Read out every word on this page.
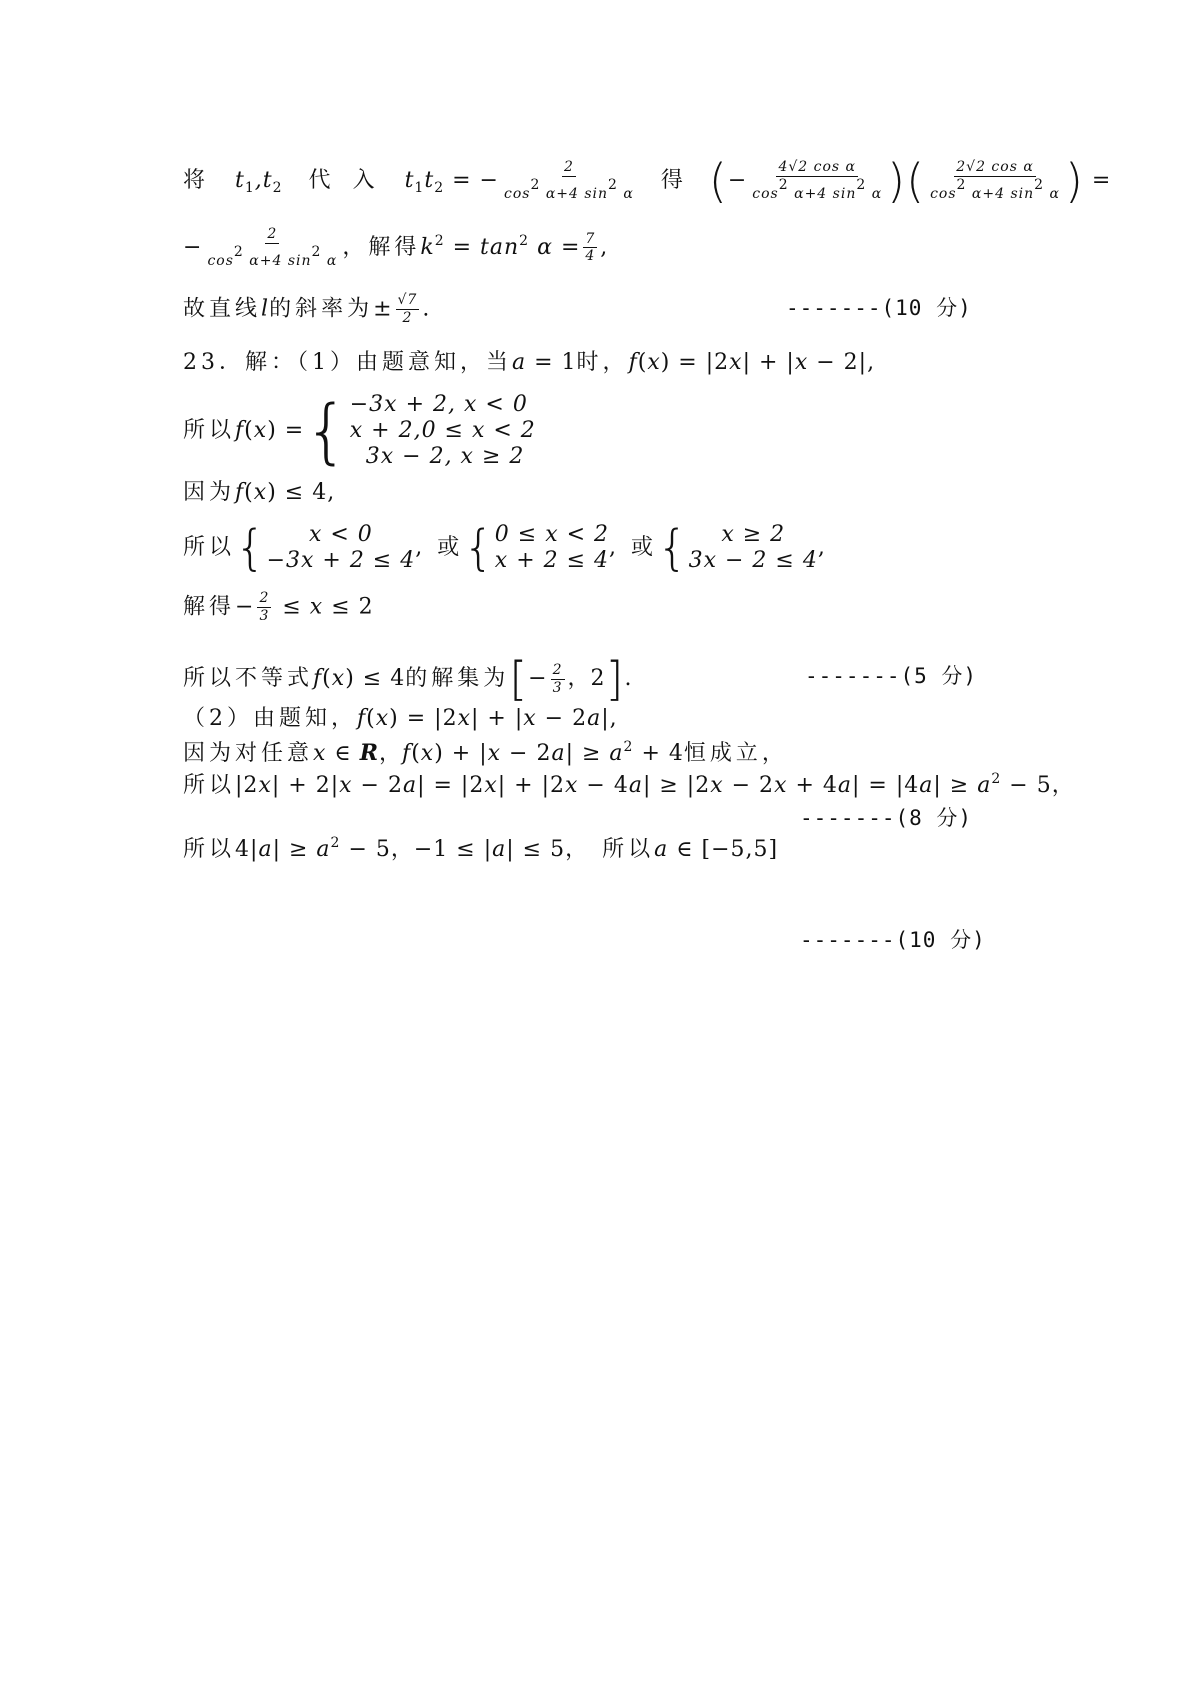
将 $t_1,t_2$ 代 入 $t_1t_2$ = − $\frac{2}{\cos 2 \alpha+4 \sin 2 \alpha}$ 得 (− $\frac{\text{4√2 cos α}}{\cos 2 \alpha+4 \sin 2 \alpha}$ )( $\frac{\text{2√2 cos α}}{\cos 2 \alpha+4 \sin 2 \alpha}$ ) =
− $\frac{2}{\cos 2 \alpha+4 \sin 2 \alpha}$ ，解得$k^2 = \tan^2 \alpha = \frac{7}{4}$ ,
故直线l的斜率为± $\frac{√7}{2}$ .	-------(10 分)
23．解：（1）由题意知，当a = 1时，f(x) = |2x| + |x − 2|,
所以f(x) ={ −3x + 2, x < 0
x + 2,0 ≤ x < 2
3x − 2, x ≥ 2
因为f(x) ≤ 4,
所以{	x < 0
−3x + 2 ≤ 4
, 或{ 0 ≤ x < 2
x + 2 ≤ 4
, 或{	x ≥ 2
3x − 2 ≤ 4
,
解得− $\frac{2}{3} \le x \le 2$
所以不等式f(x) ≤ 4的解集为[− $\frac{2}{3}$ ，2].	-------(5 分)
（2）由题知，f(x) = |2x| + |x − 2a|,
因为对任意x ∈ R，$f(x) + |x - 2a| \ge a^2 + 4$恒成立，
所以$|2x| + 2|x - 2a| = |2x| + |2x - 4a| \ge |2x - 2x + 4a| = |4a| \ge a^2 - 5$，
-------(8 分)
所以$4|a| \ge a^2 - 5$，−1 ≤ |a| ≤ 5， 所以a ∈ [−5,5]
-------(10 分)
